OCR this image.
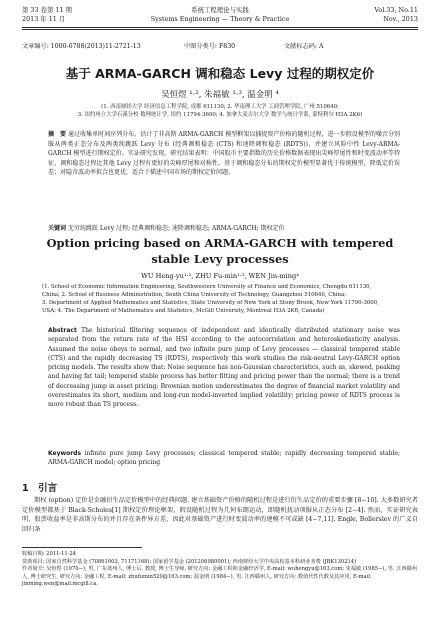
第 33 卷第 11 期
2013 年 11 月
系统工程理论与实践
Systems Engineering — Theory & Practice
Vol.33, No.11
Nov., 2013
文章编号: 1000-6788(2013)11-2721-13	中图分类号: F830	文献标志码: A
基于 ARMA-GARCH 调和稳态 Levy 过程的期权定价
吴恒煜 ¹·², 朱福敏 ¹·³, 温金明 ⁴
(1. 西南财经大学 经济信息工程学院, 成都 611130; 2. 华南理工大学 工商管理学院, 广州 510640;
3. 纽约州立大学石溪分校 数理统计学, 纽约 11794-3600; 4. 加拿大麦吉尔大学 数学与统计学系, 蒙特利尔 H3A 2K6)
摘　要 通过收集单时间序列分布，估计了非高斯 ARMA-GARCH 模型框架以捕捉资产价格的随机过程，进一步假设模型的噪音分别服从两类正态分布及两类纯跳跃 Levy 分布 (经典调和稳态 (CTS) 和速降调和稳态 (RDTS))，并建立风险中性 Levy-ARMA-GARCH 模型进行期权定价。实证研究发现，研究结果表明：中国股市主要指数的历史价格数据表现出尖峰厚尾性和时变波动率等特征，调和稳态过程比其他 Levy 过程有更好的尖峰厚尾和对称性，基于调和稳态分布的期权定价模型显著优于传统模型，降低定价误差；对隐含波动率拟合也更优，适合于描述中国市场的期权定价问题。
关键词 无穷纯跳跃 Levy 过程; 经典调和稳态; 速降调和稳态; ARMA-GARCH; 期权定价
Option pricing based on ARMA-GARCH with tempered stable Levy processes
WU Heng-yu¹·², ZHU Fu-min¹·³, WEN Jin-ming⁴
(1. School of Economic Information Engineering, Southwestern University of Finance and Economics, Chengdu 611130,
China; 2. School of Business Administration, South China University of Technology, Guangzhou 510640, China;
3. Department of Applied Mathematics and Statistics, State University of New York at Stony Brook, New York 11790-3600,
USA; 4. The Department of Mathematics and Statistics, McGill University, Montreal H3A 2K6, Canada)
Abstract The historical filtering sequence of independent and identically distributed stationary noise was separated from the return rate of the HSI according to the autocorrelation and heteroskedasticity analysis. Assumed the noise obeys to normal, and two infinite pure jump of Levy processes — classical tempered stable (CTS) and the rapidly decreasing TS (RDTS), respectively this work studies the risk-neutral Levy-GARCH option pricing models. The results show that: Noise sequence has non-Gaussian characteristics, such as, skewed, peaking and having fat tail; tempered stable process has better fitting and pricing power than the normal; there is a trend of decreasing jump in asset pricing; Brownian motion underestimates the degree of financial market volatility and overestimates its short, medium and long-run model-inverted implied volatility; pricing power of RDTS process is more robust than TS process.
Keywords infinite pure jump Levy processes; classical tempered stable; rapidly decreasing tempered stable; ARMA-GARCH model; option pricing
1　引言
期权 (option) 定价是金融衍生品定价模型中的经典问题. 建立基础资产价格的随机过程是进行衍生品定价的重要步骤 [8−10]. 大多数研究者定价模型都基于 Black-Scholes[1] 期权定价理论框架，假设随机过程为几何布朗运动，即随机扰动项服从正态分布 [2−4]. 然而，实证研究表明，股票收益率是非高斯分布的并且存在条件异方差，因此对基础资产进行时变波动率的建模不可或缺 [4−7,11]. Engle, Bollerslev 的广义自回归条
收稿日期: 2011-11-24
资助项目: 国家自然科学基金 (70861003, 71171168); 国家留学基金 (201206980001); 西南财经大学中央高校基本科研业务费 (JBK130214)
作者简介: 吴恒煜 (1970−), 男, 广东蓝州人, 博士后, 教授, 博士生导师, 研究方向: 金融工程和金融经济学, E-mail: wuhengyu@163.com; 朱福敏 (1985−), 男, 江西赣州人, 博士研究生, 研究方向: 金融工程, E-mail: zhufumin520@163.com; 温金明 (1984−), 男, 江西赣州人, 研究方向: 数值代性代数及其应用, E-mail: jinming.wen@mail.mcgill.ca.
